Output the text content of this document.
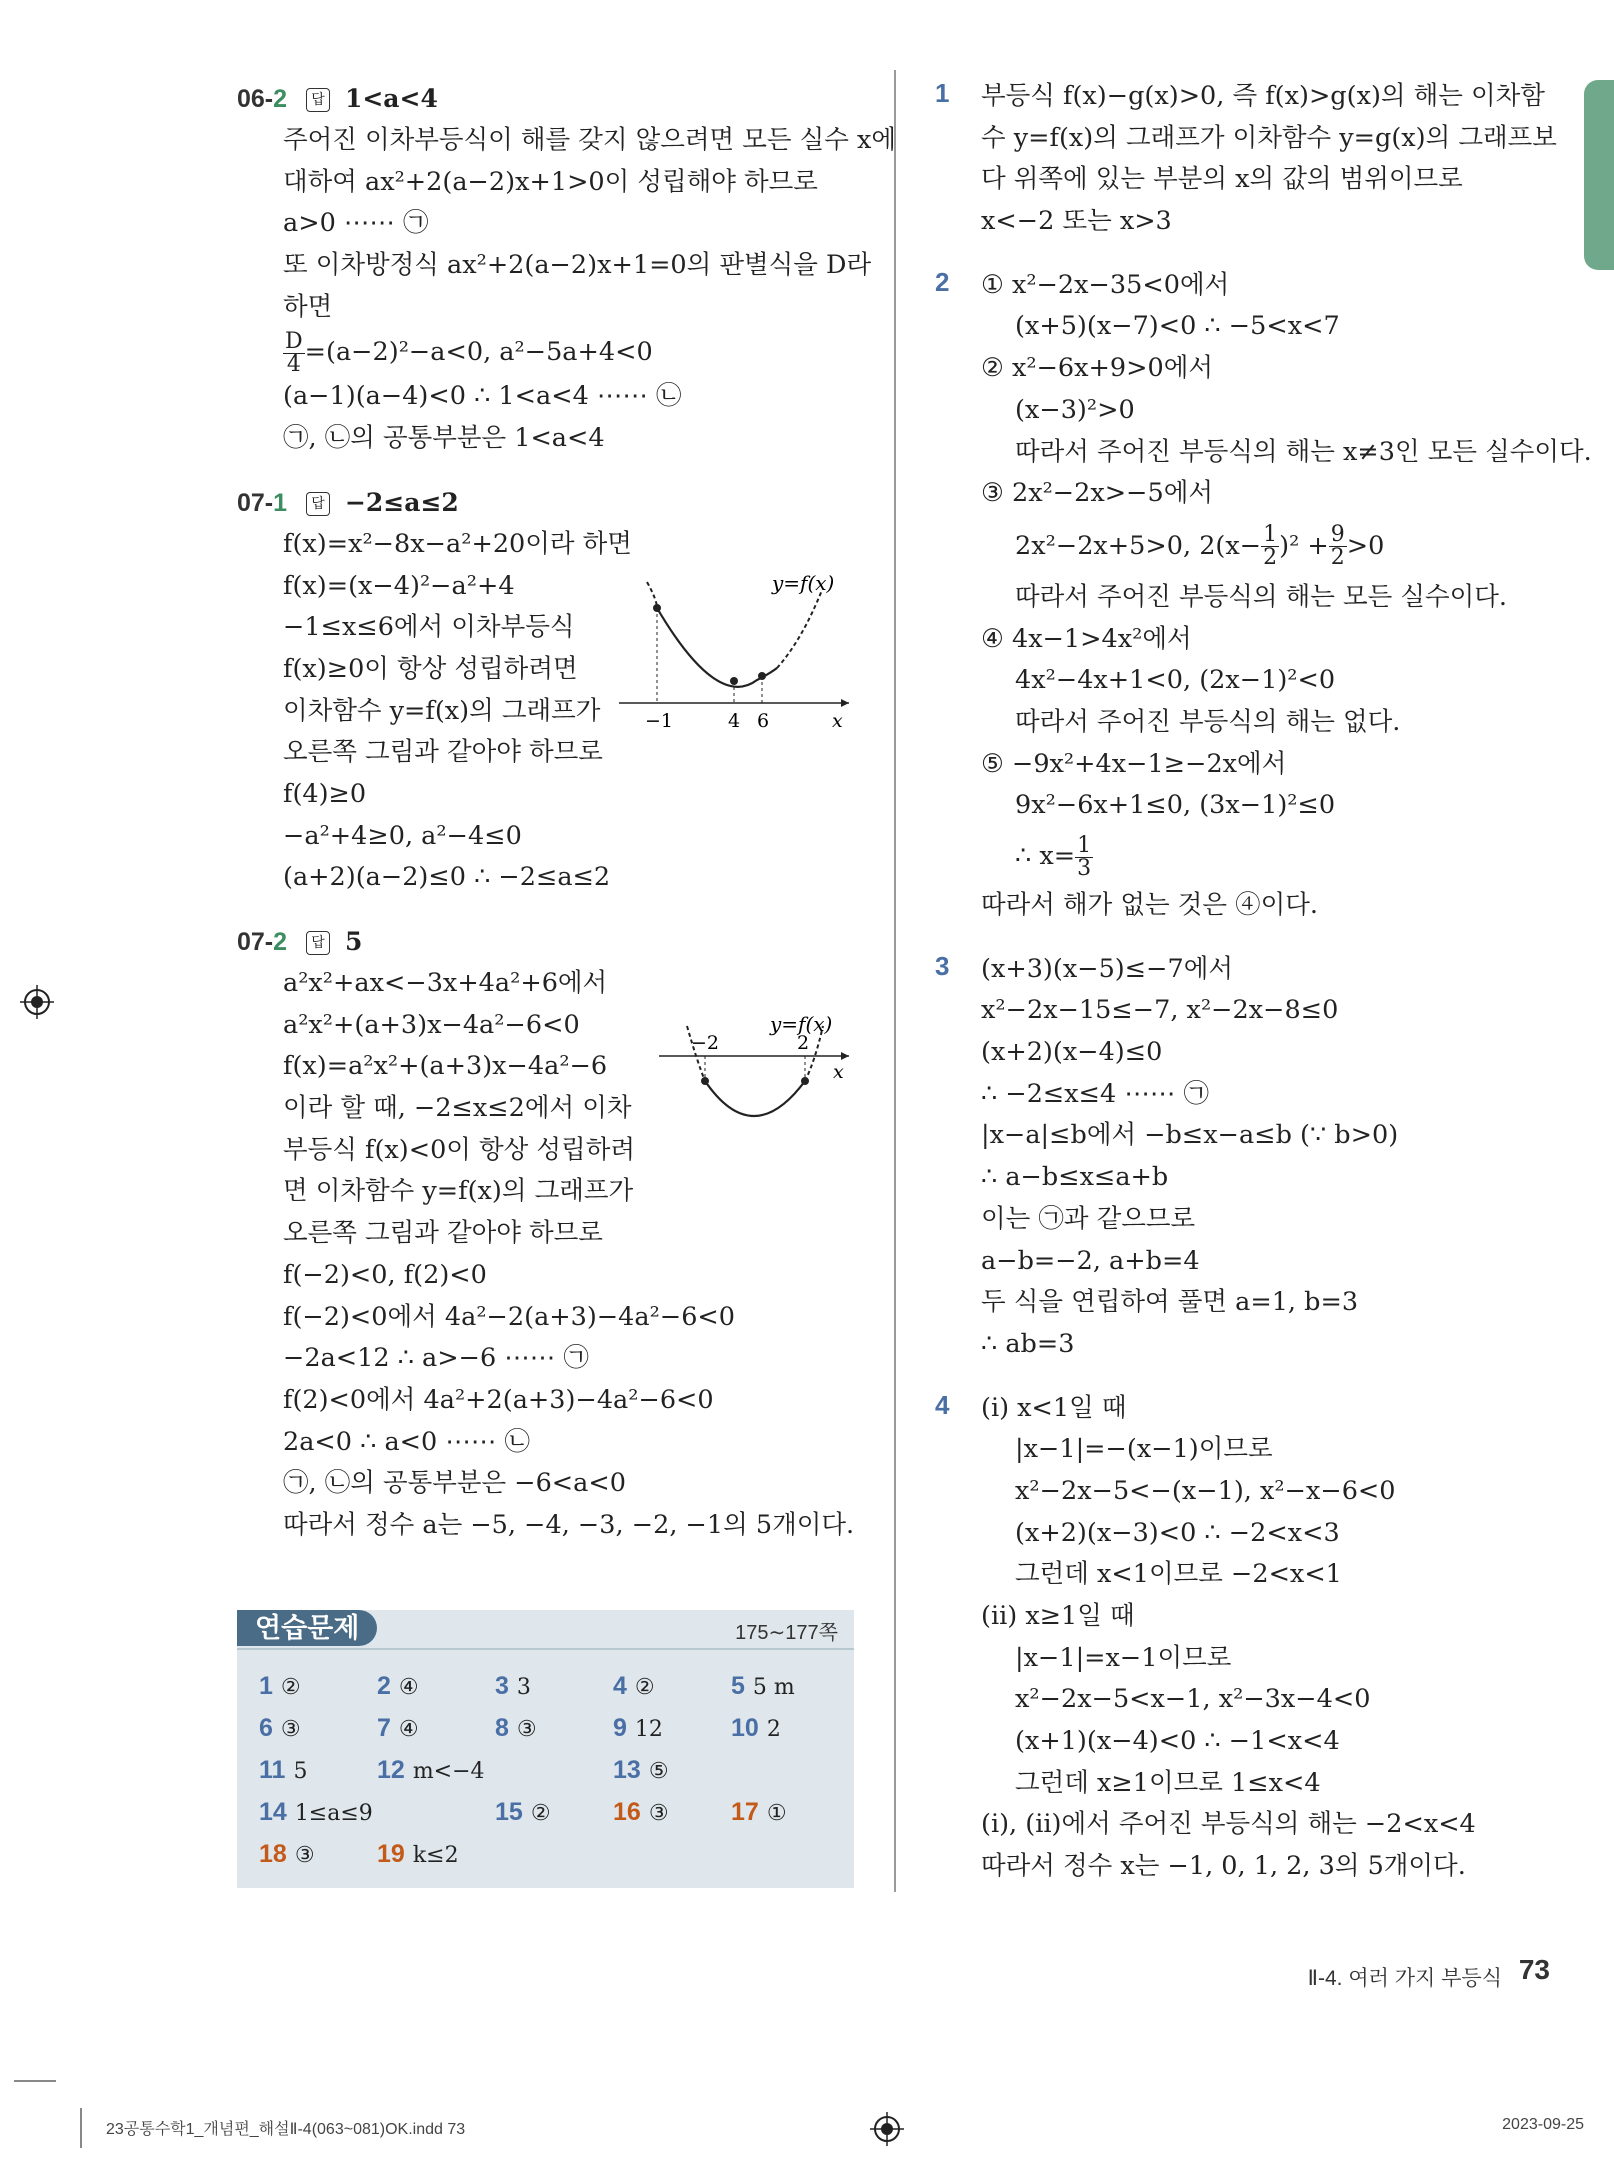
06-2 답 1<a<4
주어진 이차부등식이 해를 갖지 않으려면 모든 실수 x에
대하여 ax²+2(a−2)x+1>0이 성립해야 하므로
a>0 ⋯⋯ ㉠
또 이차방정식 ax²+2(a−2)x+1=0의 판별식을 D라
하면
$\frac{D}{4} =(a-2)^2-a<0$, a²−5a+4<0
(a−1)(a−4)<0 ∴ 1<a<4 ⋯⋯ ㉡
㉠, ㉡의 공통부분은 1<a<4
07-1 답 −2≤a≤2
f(x)=x²−8x−a²+20이라 하면
f(x)=(x−4)²−a²+4
−1≤x≤6에서 이차부등식
f(x)≥0이 항상 성립하려면
이차함수 y=f(x)의 그래프가
오른쪽 그림과 같아야 하므로
f(4)≥0
−a²+4≥0, a²−4≤0
(a+2)(a−2)≤0 ∴ −2≤a≤2
y=f(x)
−1	4 6	x
07-2 답 5
a²x²+ax<−3x+4a²+6에서
a²x²+(a+3)x−4a²−6<0
f(x)=a²x²+(a+3)x−4a²−6
이라 할 때, −2≤x≤2에서 이차
부등식 f(x)<0이 항상 성립하려
면 이차함수 y=f(x)의 그래프가
오른쪽 그림과 같아야 하므로
f(−2)<0, f(2)<0
f(−2)<0에서 4a²−2(a+3)−4a²−6<0
−2a<12 ∴ a>−6 ⋯⋯ ㉠
f(2)<0에서 4a²+2(a+3)−4a²−6<0
2a<0 ∴ a<0 ⋯⋯ ㉡
㉠, ㉡의 공통부분은 −6<a<0
따라서 정수 a는 −5, −4, −3, −2, −1의 5개이다.
y=f(x)
−2	2
x
연습문제	175∼177쪽
1 ②	2 ④	3 3	4 ②	5 5 m
6 ③	7 ④	8 ③	9 12	10 2
11 5	12 m<−4	13 ⑤
14 1≤a≤9	15 ② 16 ③ 17 ①
18 ③ 19 k≤2
1 부등식 f(x)−g(x)>0, 즉 f(x)>g(x)의 해는 이차함
수 y=f(x)의 그래프가 이차함수 y=g(x)의 그래프보
다 위쪽에 있는 부분의 x의 값의 범위이므로
x<−2 또는 x>3
2 ① x²−2x−35<0에서
(x+5)(x−7)<0 ∴ −5<x<7
② x²−6x+9>0에서
(x−3)²>0
따라서 주어진 부등식의 해는 x≠3인 모든 실수이다.
③ 2x²−2x>−5에서
2x²−2x+5>0, $2(x- \frac{1}{2} )^2 + \frac{9}{2} >0$
따라서 주어진 부등식의 해는 모든 실수이다.
④ 4x−1>4x²에서
4x²−4x+1<0, (2x−1)²<0
따라서 주어진 부등식의 해는 없다.
⑤ −9x²+4x−1≥−2x에서
9x²−6x+1≤0, (3x−1)²≤0
∴ $x= \frac{1}{3}$
따라서 해가 없는 것은 ④이다.
3 (x+3)(x−5)≤−7에서
x²−2x−15≤−7, x²−2x−8≤0
(x+2)(x−4)≤0
∴ −2≤x≤4 ⋯⋯ ㉠
|x−a|≤b에서 −b≤x−a≤b (∵ b>0)
∴ a−b≤x≤a+b
이는 ㉠과 같으므로
a−b=−2, a+b=4
두 식을 연립하여 풀면 a=1, b=3
∴ ab=3
4 (ⅰ) x<1일 때
|x−1|=−(x−1)이므로
x²−2x−5<−(x−1), x²−x−6<0
(x+2)(x−3)<0 ∴ −2<x<3
그런데 x<1이므로 −2<x<1
(ⅱ) x≥1일 때
|x−1|=x−1이므로
x²−2x−5<x−1, x²−3x−4<0
(x+1)(x−4)<0 ∴ −1<x<4
그런데 x≥1이므로 1≤x<4
(ⅰ), (ⅱ)에서 주어진 부등식의 해는 −2<x<4
따라서 정수 x는 −1, 0, 1, 2, 3의 5개이다.
Ⅱ-4. 여러 가지 부등식 73
23공통수학1_개념편_해설Ⅱ-4(063~081)OK.indd 73	2023-09-25
